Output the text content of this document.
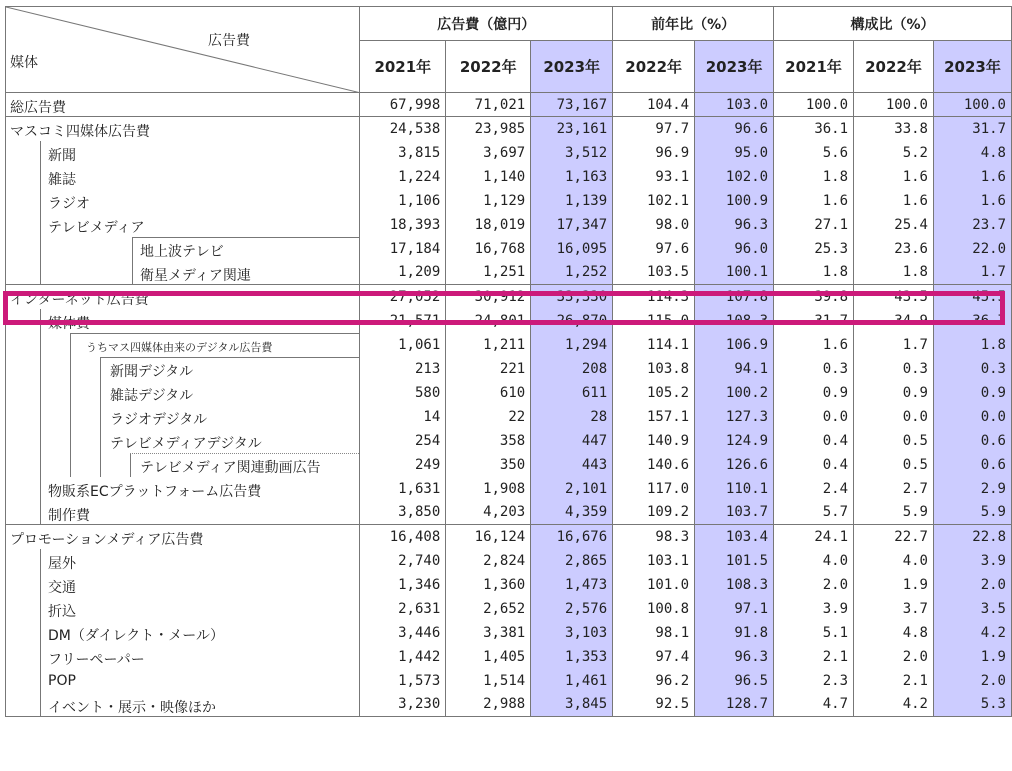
広告費
媒体	広告費（億円）			前年比（%）		構成比（%）		
	2021年	2022年	2023年	2022年	2023年	2021年	2022年	2023年

総広告費	67,998	71,021	73,167	104.4	103.0	100.0	100.0	100.0

マスコミ四媒体広告費	24,538	23,985	23,161	97.7	96.6	36.1	33.8	31.7

新聞	3,815	3,697	3,512	96.9	95.0	5.6	5.2	4.8

雑誌	1,224	1,140	1,163	93.1	102.0	1.8	1.6	1.6

ラジオ	1,106	1,129	1,139	102.1	100.9	1.6	1.6	1.6

テレビメディア	18,393	18,019	17,347	98.0	96.3	27.1	25.4	23.7

地上波テレビ	17,184	16,768	16,095	97.6	96.0	25.3	23.6	22.0

衛星メディア関連	1,209	1,251	1,252	103.5	100.1	1.8	1.8	1.7

インターネット広告費	27,052	30,912	33,330	114.3	107.8	39.8	43.5	45.5

媒体費	21,571	24,801	26,870	115.0	108.3	31.7	34.9	36.7

うちマス四媒体由来のデジタル広告費	1,061	1,211	1,294	114.1	106.9	1.6	1.7	1.8

新聞デジタル	213	221	208	103.8	94.1	0.3	0.3	0.3

雑誌デジタル	580	610	611	105.2	100.2	0.9	0.9	0.9

ラジオデジタル	14	22	28	157.1	127.3	0.0	0.0	0.0

テレビメディアデジタル	254	358	447	140.9	124.9	0.4	0.5	0.6

テレビメディア関連動画広告	249	350	443	140.6	126.6	0.4	0.5	0.6

物販系ECプラットフォーム広告費	1,631	1,908	2,101	117.0	110.1	2.4	2.7	2.9

制作費	3,850	4,203	4,359	109.2	103.7	5.7	5.9	5.9

プロモーションメディア広告費	16,408	16,124	16,676	98.3	103.4	24.1	22.7	22.8

屋外	2,740	2,824	2,865	103.1	101.5	4.0	4.0	3.9

交通	1,346	1,360	1,473	101.0	108.3	2.0	1.9	2.0

折込	2,631	2,652	2,576	100.8	97.1	3.9	3.7	3.5

DM（ダイレクト・メール）	3,446	3,381	3,103	98.1	91.8	5.1	4.8	4.2

フリーペーパー	1,442	1,405	1,353	97.4	96.3	2.1	2.0	1.9

POP	1,573	1,514	1,461	96.2	96.5	2.3	2.1	2.0

イベント・展示・映像ほか	3,230	2,988	3,845	92.5	128.7	4.7	4.2	5.3
